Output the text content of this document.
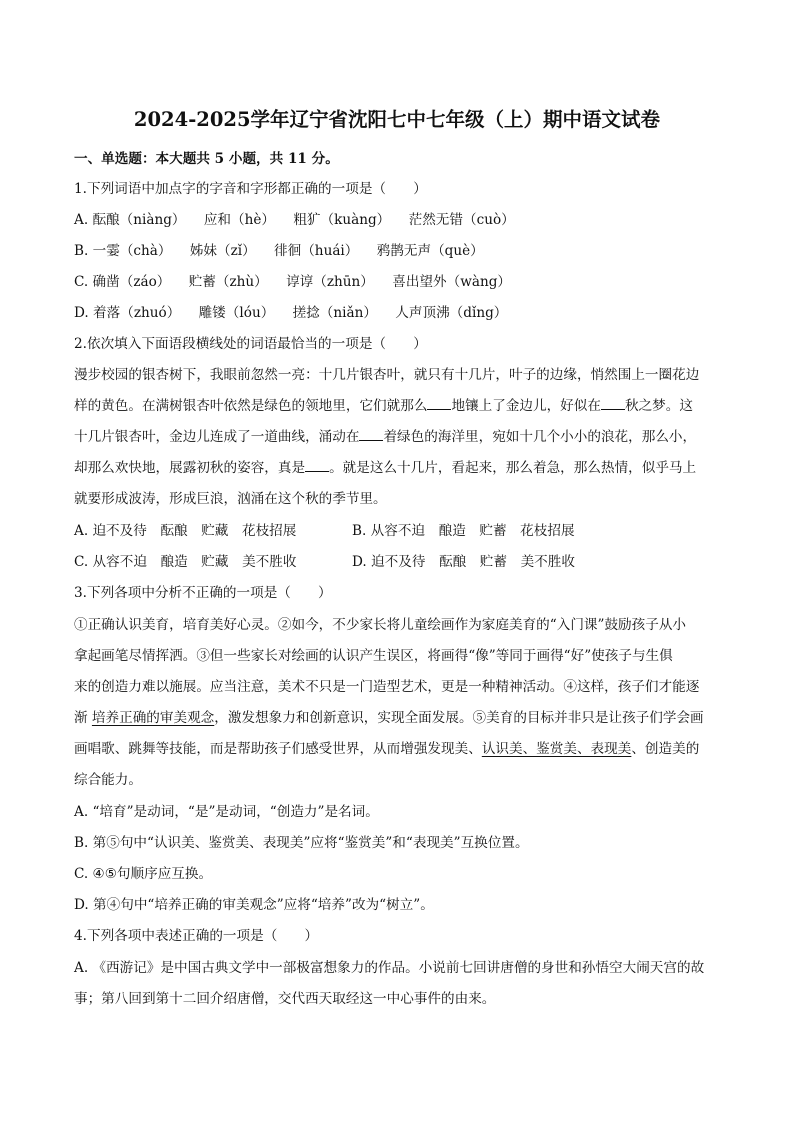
2024-2025学年辽宁省沈阳七中七年级（上）期中语文试卷
一、单选题：本大题共 5 小题，共 11 分。
1.下列词语中加点字的字音和字形都正确的一项是（　　）
A. 酝酿（niàng） 应和（hè） 粗犷（kuàng） 茫然无错（cuò）
B. 一霎（chà） 姊妹（zǐ） 徘徊（huái） 鸦鹊无声（què）
C. 确凿（záo） 贮蓄（zhù） 谆谆（zhūn） 喜出望外（wàng）
D. 着落（zhuó） 雕镂（lóu） 搓捻（niǎn） 人声顶沸（dǐng）
2.依次填入下面语段横线处的词语最恰当的一项是（　　）
漫步校园的银杏树下，我眼前忽然一亮：十几片银杏叶，就只有十几片，叶子的边缘，悄然围上一圈花边
样的黄色。在满树银杏叶依然是绿色的领地里，它们就那么 地镶上了金边儿，好似在 秋之梦。这
十几片银杏叶，金边儿连成了一道曲线，涌动在 着绿色的海洋里，宛如十几个小小的浪花，那么小，
却那么欢快地，展露初秋的姿容，真是 。就是这么十几片，看起来，那么着急，那么热情，似乎马上
就要形成波涛，形成巨浪，汹涌在这个秋的季节里。
A. 迫不及待　酝酿　贮藏　花枝招展	B. 从容不迫　酿造　贮蓄　花枝招展
C. 从容不迫　酿造　贮藏　美不胜收	D. 迫不及待　酝酿　贮蓄　美不胜收
3.下列各项中分析不正确的一项是（　　）
①正确认识美育，培育美好心灵。②如今，不少家长将儿童绘画作为家庭美育的“入门课”鼓励孩子从小
拿起画笔尽情挥洒。③但一些家长对绘画的认识产生误区，将画得“像”等同于画得“好”使孩子与生俱
来的创造力难以施展。应当注意，美术不只是一门造型艺术，更是一种精神活动。④这样，孩子们才能逐
渐 培养正确的审美观念，激发想象力和创新意识，实现全面发展。⑤美育的目标并非只是让孩子们学会画
画唱歌、跳舞等技能，而是帮助孩子们感受世界，从而增强发现美、认识美、鉴赏美、表现美、创造美的
综合能力。
A. “培育”是动词，“是”是动词，“创造力”是名词。
B. 第⑤句中“认识美、鉴赏美、表现美”应将“鉴赏美”和“表现美”互换位置。
C. ④⑤句顺序应互换。
D. 第④句中“培养正确的审美观念”应将“培养”改为“树立”。
4.下列各项中表述正确的一项是（　　）
A. 《西游记》是中国古典文学中一部极富想象力的作品。小说前七回讲唐僧的身世和孙悟空大闹天宫的故
事；第八回到第十二回介绍唐僧，交代西天取经这一中心事件的由来。
